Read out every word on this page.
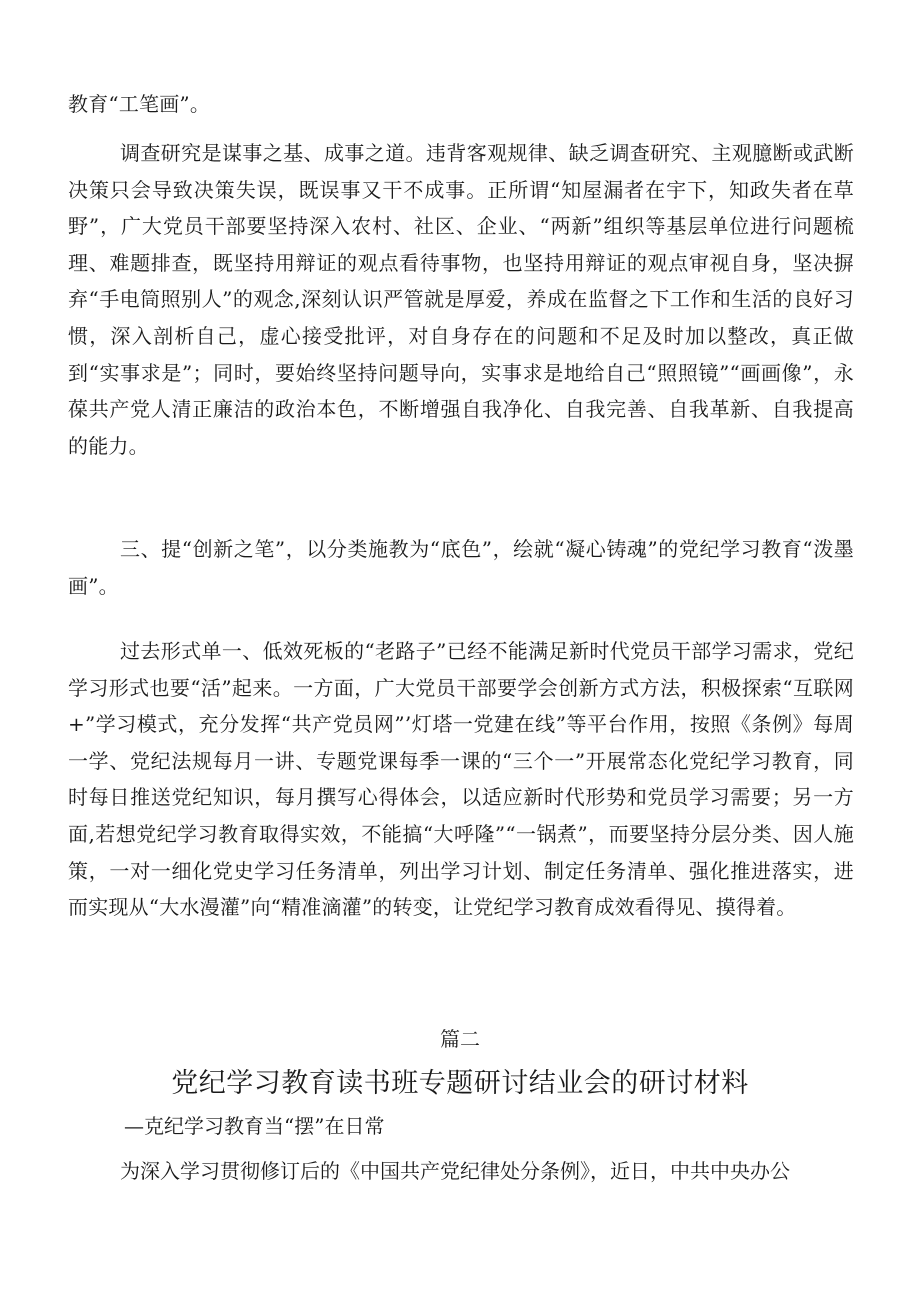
教育“工笔画”。

调查研究是谋事之基、成事之道。违背客观规律、缺乏调查研究、主观臆断或武断决策只会导致决策失误，既误事又干不成事。正所谓“知屋漏者在宇下，知政失者在草野”，广大党员干部要坚持深入农村、社区、企业、“两新”组织等基层单位进行问题梳理、难题排查，既坚持用辩证的观点看待事物，也坚持用辩证的观点审视自身，坚决摒弃“手电筒照别人”的观念,深刻认识严管就是厚爱，养成在监督之下工作和生活的良好习惯，深入剖析自己，虚心接受批评，对自身存在的问题和不足及时加以整改，真正做到“实事求是”；同时，要始终坚持问题导向，实事求是地给自己“照照镜”“画画像”，永葆共产党人清正廉洁的政治本色，不断增强自我净化、自我完善、自我革新、自我提高的能力。

三、提“创新之笔”，以分类施教为“底色”，绘就“凝心铸魂”的党纪学习教育“泼墨画”。

过去形式单一、低效死板的“老路子”已经不能满足新时代党员干部学习需求，党纪学习形式也要“活”起来。一方面，广大党员干部要学会创新方式方法，积极探索“互联网+”学习模式，充分发挥“共产党员网”’灯塔一党建在线”等平台作用，按照《条例》每周一学、党纪法规每月一讲、专题党课每季一课的“三个一”开展常态化党纪学习教育，同时每日推送党纪知识，每月撰写心得体会，以适应新时代形势和党员学习需要；另一方面,若想党纪学习教育取得实效，不能搞“大呼隆”“一锅煮”，而要坚持分层分类、因人施策，一对一细化党史学习任务清单，列出学习计划、制定任务清单、强化推进落实，进而实现从“大水漫灌”向“精准滴灌”的转变，让党纪学习教育成效看得见、摸得着。

篇二
党纪学习教育读书班专题研讨结业会的研讨材料
—克纪学习教育当“摆”在日常

为深入学习贯彻修订后的《中国共产党纪律处分条例》，近日，中共中央办公
